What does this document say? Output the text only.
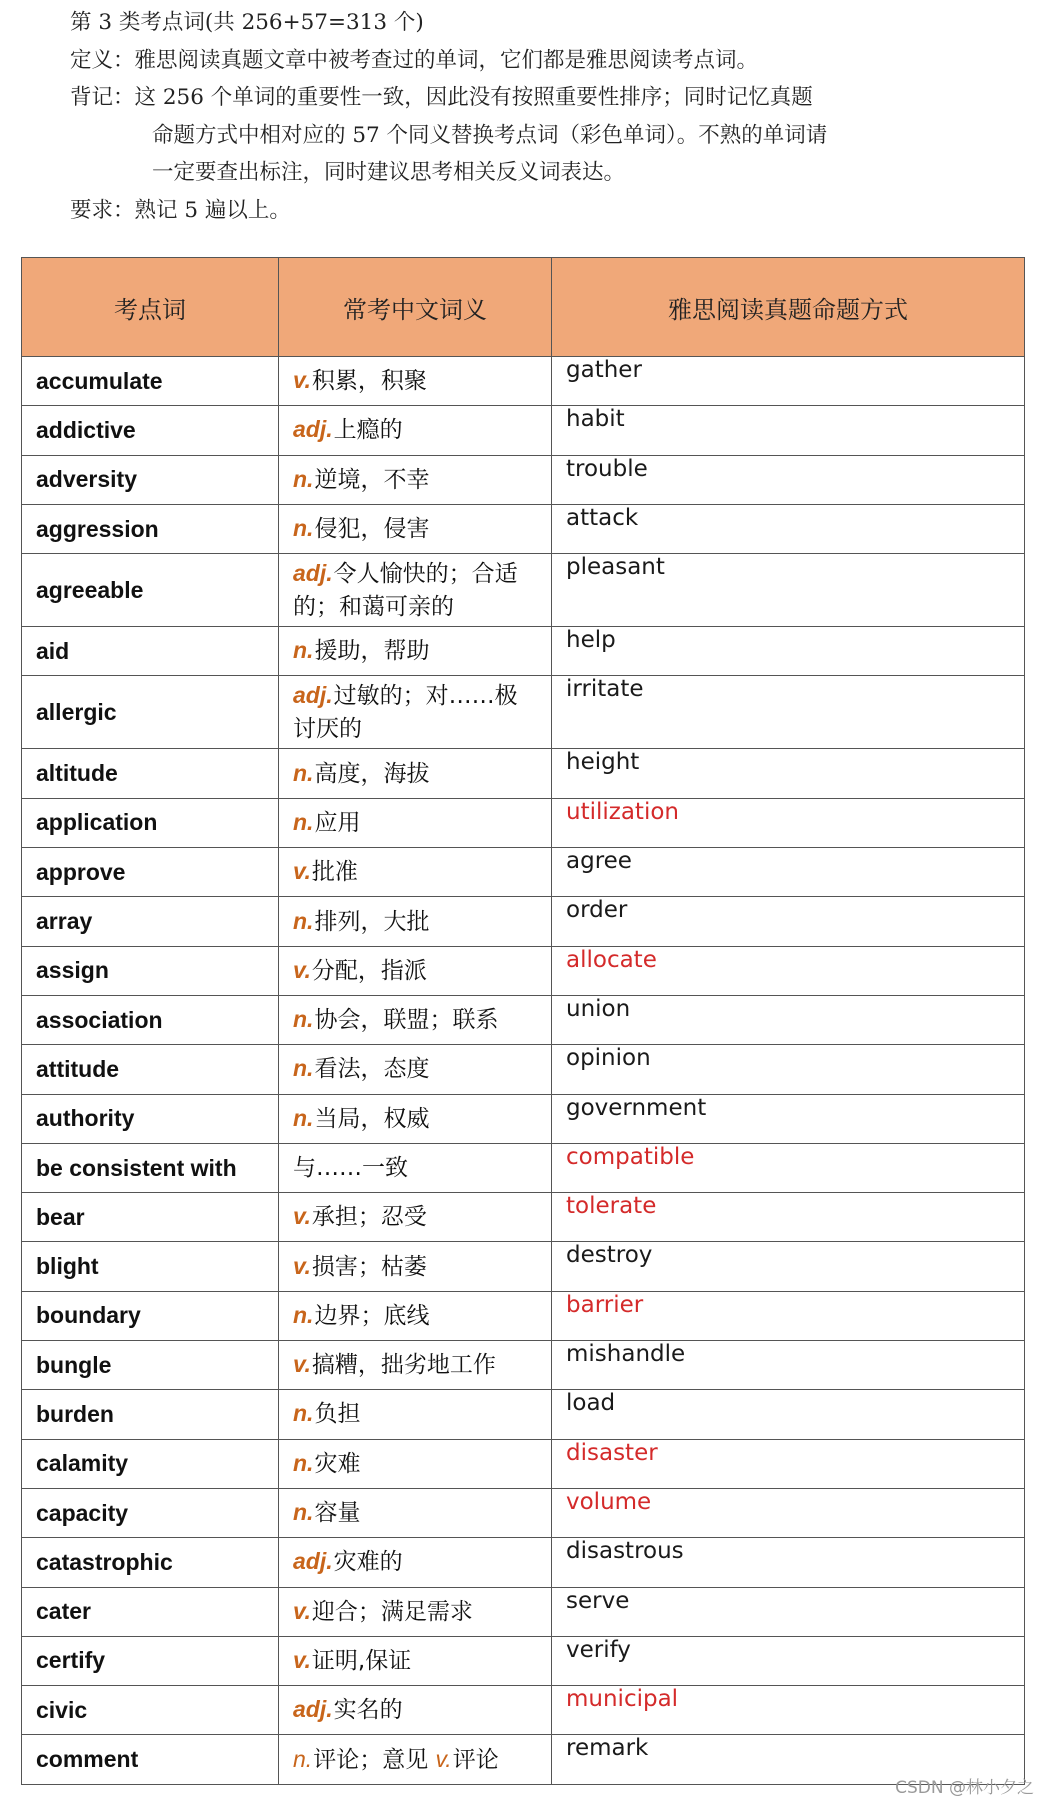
第 3 类考点词(共 256+57=313 个)
定义：雅思阅读真题文章中被考查过的单词，它们都是雅思阅读考点词。
背记：这 256 个单词的重要性一致，因此没有按照重要性排序；同时记忆真题
命题方式中相对应的 57 个同义替换考点词（彩色单词）。不熟的单词请
一定要查出标注，同时建议思考相关反义词表达。
要求：熟记 5 遍以上。
考点词	常考中文词义	雅思阅读真题命题方式
accumulate	v.积累，积聚	gather
addictive	adj.上瘾的	habit
adversity	n.逆境，不幸	trouble
aggression	n.侵犯，侵害	attack
agreeable	adj.令人愉快的；合适的；和蔼可亲的	pleasant
aid	n.援助，帮助	help
allergic	adj.过敏的；对……极讨厌的	irritate
altitude	n.高度，海拔	height
application	n.应用	utilization
approve	v.批准	agree
array	n.排列，大批	order
assign	v.分配，指派	allocate
association	n.协会，联盟；联系	union
attitude	n.看法，态度	opinion
authority	n.当局，权威	government
be consistent with	与……一致	compatible
bear	v.承担；忍受	tolerate
blight	v.损害；枯萎	destroy
boundary	n.边界；底线	barrier
bungle	v.搞糟，拙劣地工作	mishandle
burden	n.负担	load
calamity	n.灾难	disaster
capacity	n.容量	volume
catastrophic	adj.灾难的	disastrous
cater	v.迎合；满足需求	serve
certify	v.证明,保证	verify
civic	adj.实名的	municipal
comment	n.评论；意见 v.评论	remark
CSDN @林小夕之
